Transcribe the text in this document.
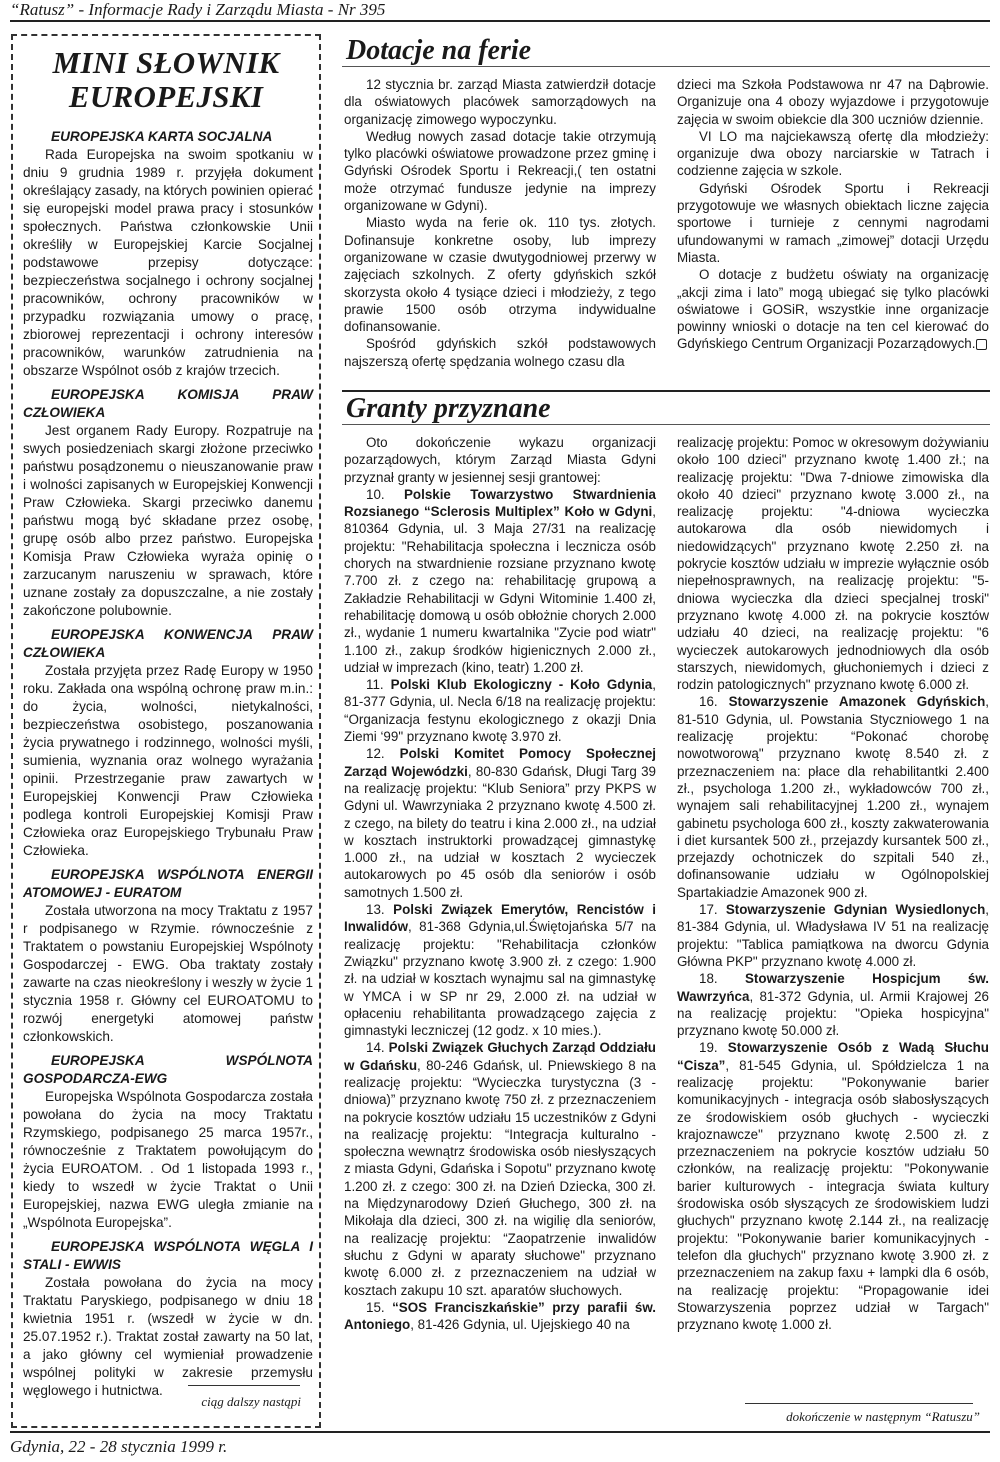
“Ratusz” - Informacje Rady i Zarządu Miasta - Nr 395
MINI SŁOWNIK
EUROPEJSKI

EUROPEJSKA KARTA SOCJALNA

Rada Europejska na swoim spotkaniu w dniu 9 grudnia 1989 r. przyjęła dokument określający zasady, na których powinien opierać się europejski model prawa pracy i stosunków społecznych. Państwa członkowskie Unii określiły w Europejskiej Karcie Socjalnej podstawowe przepisy dotyczące: bezpieczeństwa socjalnego i ochrony socjalnej pracowników, ochrony pracowników w przypadku rozwiązania umowy o pracę, zbiorowej reprezentacji i ochrony interesów pracowników, warunków zatrudnienia na obszarze Wspólnot osób z krajów trzecich.

EUROPEJSKA KOMISJA PRAW CZŁOWIEKA

Jest organem Rady Europy. Rozpatruje na swych posiedzeniach skargi złożone przeciwko państwu posądzonemu o nieuszanowanie praw i wolności zapisanych w Europejskiej Konwencji Praw Człowieka. Skargi przeciwko danemu państwu mogą być składane przez osobę, grupę osób albo przez państwo. Europejska Komisja Praw Człowieka wyraża opinię o zarzucanym naruszeniu w sprawach, które uznane zostały za dopuszczalne, a nie zostały zakończone polubownie.

EUROPEJSKA KONWENCJA PRAW CZŁOWIEKA

Została przyjęta przez Radę Europy w 1950 roku. Zakłada ona wspólną ochronę praw m.in.: do życia, wolności, nietykalności, bezpieczeństwa osobistego, poszanowania życia prywatnego i rodzinnego, wolności myśli, sumienia, wyznania oraz wolnego wyrażania opinii. Przestrzeganie praw zawartych w Europejskiej Konwencji Praw Człowieka podlega kontroli Europejskiej Komisji Praw Człowieka oraz Europejskiego Trybunału Praw Człowieka.

EUROPEJSKA WSPÓLNOTA ENERGII ATOMOWEJ - EURATOM

Została utworzona na mocy Traktatu z 1957 r podpisanego w Rzymie. równocześnie z Traktatem o powstaniu Europejskiej Wspólnoty Gospodarczej - EWG. Oba traktaty zostały zawarte na czas nieokreślony i weszły w życie 1 stycznia 1958 r. Główny cel EUROATOMU to rozwój energetyki atomowej państw członkowskich.

EUROPEJSKA WSPÓLNOTA GOSPODARCZA-EWG

Europejska Wspólnota Gospodarcza została powołana do życia na mocy Traktatu Rzymskiego, podpisanego 25 marca 1957r., równocześnie z Traktatem powołującym do życia EUROATOM. . Od 1 listopada 1993 r., kiedy to wszedł w życie Traktat o Unii Europejskiej, nazwa EWG uległa zmianie na „Wspólnota Europejska”.

EUROPEJSKA WSPÓLNOTA WĘGLA I STALI - EWWIS

Została powołana do życia na mocy Traktatu Paryskiego, podpisanego w dniu 18 kwietnia 1951 r. (wszedł w życie w dn. 25.07.1952 r.). Traktat został zawarty na 50 lat, a jako główny cel wymieniał prowadzenie wspólnej polityki w zakresie przemysłu węglowego i hutnictwa.

ciąg dalszy nastąpi
Dotacje na ferie

12 stycznia br. zarząd Miasta zatwierdził dotacje dla oświatowych placówek samorządowych na organizację zimowego wypoczynku.

Według nowych zasad dotacje takie otrzymują tylko placówki oświatowe prowadzone przez gminę i Gdyński Ośrodek Sportu i Rekreacji,( ten ostatni może otrzymać fundusze jedynie na imprezy organizowane w Gdyni).

Miasto wyda na ferie ok. 110 tys. złotych. Dofinansuje konkretne osoby, lub imprezy organizowane w czasie dwutygodniowej przerwy w zajęciach szkolnych. Z oferty gdyńskich szkół skorzysta około 4 tysiące dzieci i młodzieży, z tego prawie 1500 osób otrzyma indywidualne dofinansowanie.

Spośród gdyńskich szkół podstawowych najszerszą ofertę spędzania wolnego czasu dla

dzieci ma Szkoła Podstawowa nr 47 na Dąbrowie. Organizuje ona 4 obozy wyjazdowe i przygotowuje zajęcia w swoim obiekcie dla 300 uczniów dziennie.

VI LO ma najciekawszą ofertę dla młodzieży: organizuje dwa obozy narciarskie w Tatrach i codzienne zajęcia w szkole.

Gdyński Ośrodek Sportu i Rekreacji przygotowuje we własnych obiektach liczne zajęcia sportowe i turnieje z cennymi nagrodami ufundowanymi w ramach „zimowej” dotacji Urzędu Miasta.

O dotacje z budżetu oświaty na organizację „akcji zima i lato” mogą ubiegać się tylko placówki oświatowe i GOSiR, wszystkie inne organizacje powinny wnioski o dotacje na ten cel kierować do Gdyńskiego Centrum Organizacji Pozarządowych.

Granty przyznane

Oto dokończenie wykazu organizacji pozarządowych, którym Zarząd Miasta Gdyni przyznał granty w jesiennej sesji grantowej:

10. Polskie Towarzystwo Stwardnienia Rozsianego “Sclerosis Multiplex” Koło w Gdyni, 810364 Gdynia, ul. 3 Maja 27/31 na realizację projektu: "Rehabilitacja społeczna i lecznicza osób chorych na stwardnienie rozsiane przyznano kwotę 7.700 zł. z czego na: rehabilitację grupową a Zakładzie Rehabilitacji w Gdyni Witominie 1.400 zł, rehabilitację domową u osób obłożnie chorych 2.000 zł., wydanie 1 numeru kwartalnika "Zycie pod wiatr" 1.100 zł., zakup środków higienicznych 2.000 zł., udział w imprezach (kino, teatr) 1.200 zł.

11. Polski Klub Ekologiczny - Koło Gdynia, 81-377 Gdynia, ul. Necla 6/18 na realizację projektu: “Organizacja festynu ekologicznego z okazji Dnia Ziemi ‘99" przyznano kwotę 3.970 zł.

12. Polski Komitet Pomocy Społecznej Zarząd Wojewódzki, 80-830 Gdańsk, Długi Targ 39 na realizację projektu: “Klub Seniora” przy PKPS w Gdyni ul. Wawrzyniaka 2 przyznano kwotę 4.500 zł. z czego, na bilety do teatru i kina 2.000 zł., na udział w kosztach instruktorki prowadzącej gimnastykę 1.000 zł., na udział w kosztach 2 wycieczek autokarowych po 45 osób dla seniorów i osób samotnych 1.500 zł.

13. Polski Związek Emerytów, Rencistów i Inwalidów, 81-368 Gdynia,ul.Świętojańska 5/7 na realizację projektu: "Rehabilitacja członków Związku" przyznano kwotę 3.900 zł. z czego: 1.900 zł. na udział w kosztach wynajmu sal na gimnastykę w YMCA i w SP nr 29, 2.000 zł. na udział w opłaceniu rehabilitanta prowadzącego zajęcia z gimnastyki leczniczej (12 godz. x 10 mies.).

14. Polski Związek Głuchych Zarząd Oddziału w Gdańsku, 80-246 Gdańsk, ul. Pniewskiego 8 na realizację projektu: “Wycieczka turystyczna (3 - dniowa)” przyznano kwotę 750 zł. z przeznaczeniem na pokrycie kosztów udziału 15 uczestników z Gdyni na realizację projektu: “Integracja kulturalno - społeczna wewnątrz środowiska osób niesłyszących z miasta Gdyni, Gdańska i Sopotu" przyznano kwotę 1.200 zł. z czego: 300 zł. na Dzień Dziecka, 300 zł. na Międzynarodowy Dzień Głuchego, 300 zł. na Mikołaja dla dzieci, 300 zł. na wigilię dla seniorów, na realizację projektu: “Zaopatrzenie inwalidów słuchu z Gdyni w aparaty słuchowe" przyznano kwotę 6.000 zł. z przeznaczeniem na udział w kosztach zakupu 10 szt. aparatów słuchowych.

15. “SOS Franciszkańskie” przy parafii św. Antoniego, 81-426 Gdynia, ul. Ujejskiego 40 na

realizację projektu: Pomoc w okresowym dożywianiu około 100 dzieci" przyznano kwotę 1.400 zł.; na realizację projektu: "Dwa 7-dniowe zimowiska dla około 40 dzieci" przyznano kwotę 3.000 zł., na realizację projektu: "4-dniowa wycieczka autokarowa dla osób niewidomych i niedowidzących" przyznano kwotę 2.250 zł. na pokrycie kosztów udziału w imprezie wyłącznie osób niepełnosprawnych, na realizację projektu: "5-dniowa wycieczka dla dzieci specjalnej troski" przyznano kwotę 4.000 zł. na pokrycie kosztów udziału 40 dzieci, na realizację projektu: "6 wycieczek autokarowych jednodniowych dla osób starszych, niewidomych, głuchoniemych i dzieci z rodzin patologicznych" przyznano kwotę 6.000 zł.

16. Stowarzyszenie Amazonek Gdyńskich, 81-510 Gdynia, ul. Powstania Styczniowego 1 na realizację projektu: “Pokonać chorobę nowotworową" przyznano kwotę 8.540 zł. z przeznaczeniem na: płace dla rehabilitantki 2.400 zł., psychologa 1.200 zł., wykładowców 700 zł., wynajem sali rehabilitacyjnej 1.200 zł., wynajem gabinetu psychologa 600 zł., koszty zakwaterowania i diet kursantek 500 zł., przejazdy kursantek 500 zł., przejazdy ochotniczek do szpitali 540 zł., dofinansowanie udziału w Ogólnopolskiej Spartakiadzie Amazonek 900 zł.

17. Stowarzyszenie Gdynian Wysiedlonych, 81-384 Gdynia, ul. Władysława IV 51 na realizację projektu: "Tablica pamiątkowa na dworcu Gdynia Główna PKP" przyznano kwotę 4.000 zł.

18. Stowarzyszenie Hospicjum św. Wawrzyńca, 81-372 Gdynia, ul. Armii Krajowej 26 na realizację projektu: "Opieka hospicyjna" przyznano kwotę 50.000 zł.

19. Stowarzyszenie Osób z Wadą Słuchu “Cisza”, 81-545 Gdynia, ul. Spółdzielcza 1 na realizację projektu: "Pokonywanie barier komunikacyjnych - integracja osób słabosłyszących ze środowiskiem osób głuchych - wycieczki krajoznawcze" przyznano kwotę 2.500 zł. z przeznaczeniem na pokrycie kosztów udziału 50 członków, na realizację projektu: "Pokonywanie barier kulturowych - integracja świata kultury środowiska osób słyszących ze środowiskiem ludzi głuchych" przyznano kwotę 2.144 zł., na realizację projektu: "Pokonywanie barier komunikacyjnych - telefon dla głuchych" przyznano kwotę 3.900 zł. z przeznaczeniem na zakup faxu + lampki dla 6 osób, na realizację projektu: “Propagowanie idei Stowarzyszenia poprzez udział w Targach" przyznano kwotę 1.000 zł.

dokończenie w następnym “Ratuszu”
Gdynia, 22 - 28 stycznia 1999 r.
